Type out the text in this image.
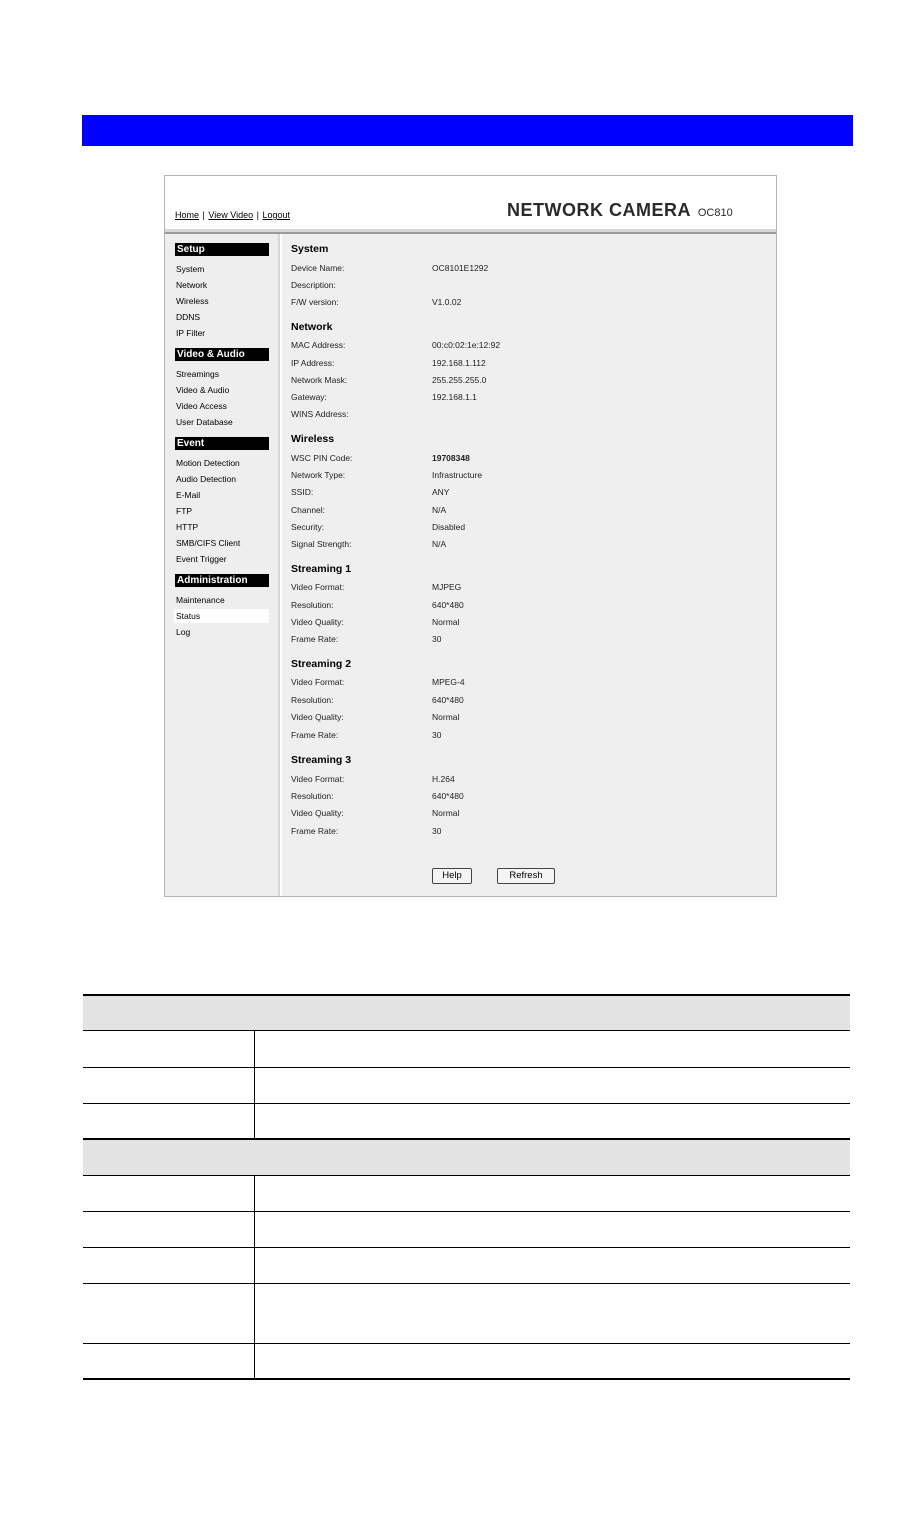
Home | View Video | Logout	NETWORK CAMERA OC810
Setup
System
Network
Wireless
DDNS
IP Filter
Video & Audio
Streamings
Video & Audio
Video Access
User Database
Event
Motion Detection
Audio Detection
E-Mail
FTP
HTTP
SMB/CIFS Client
Event Trigger
Administration
Maintenance
Status
Log
System
Device Name:	OC8101E1292
Description:
F/W version:	V1.0.02
Network
MAC Address:	00:c0:02:1e:12:92
IP Address:	192.168.1.112
Network Mask:	255.255.255.0
Gateway:	192.168.1.1
WINS Address:
Wireless
WSC PIN Code:	19708348
Network Type:	Infrastructure
SSID:	ANY
Channel:	N/A
Security:	Disabled
Signal Strength:	N/A
Streaming 1
Video Format:	MJPEG
Resolution:	640*480
Video Quality:	Normal
Frame Rate:	30
Streaming 2
Video Format:	MPEG-4
Resolution:	640*480
Video Quality:	Normal
Frame Rate:	30
Streaming 3
Video Format:	H.264
Resolution:	640*480
Video Quality:	Normal
Frame Rate:	30
Help	Refresh
